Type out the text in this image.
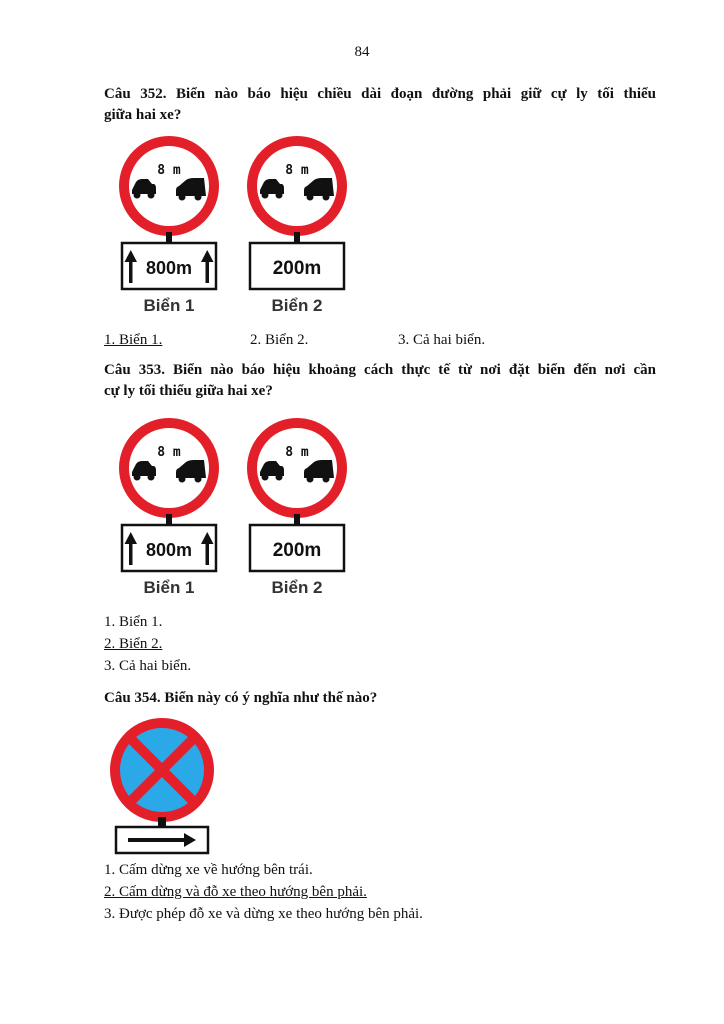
84
Câu 352. Biển nào báo hiệu chiều dài đoạn đường phải giữ cự ly tối thiểu
giữa hai xe?
8 m
800m
Biển 1
8 m
200m
Biển 2
1. Biển 1.	2. Biển 2.	3. Cả hai biển.
Câu 353. Biển nào báo hiệu khoảng cách thực tế từ nơi đặt biển đến nơi cần
cự ly tối thiểu giữa hai xe?
8 m
800m
Biển 1
8 m
200m
Biển 2
1. Biển 1.
2. Biển 2.
3. Cả hai biển.
Câu 354. Biển này có ý nghĩa như thế nào?
1. Cấm dừng xe về hướng bên trái.
2. Cấm dừng và đỗ xe theo hướng bên phải.
3. Được phép đỗ xe và dừng xe theo hướng bên phải.
